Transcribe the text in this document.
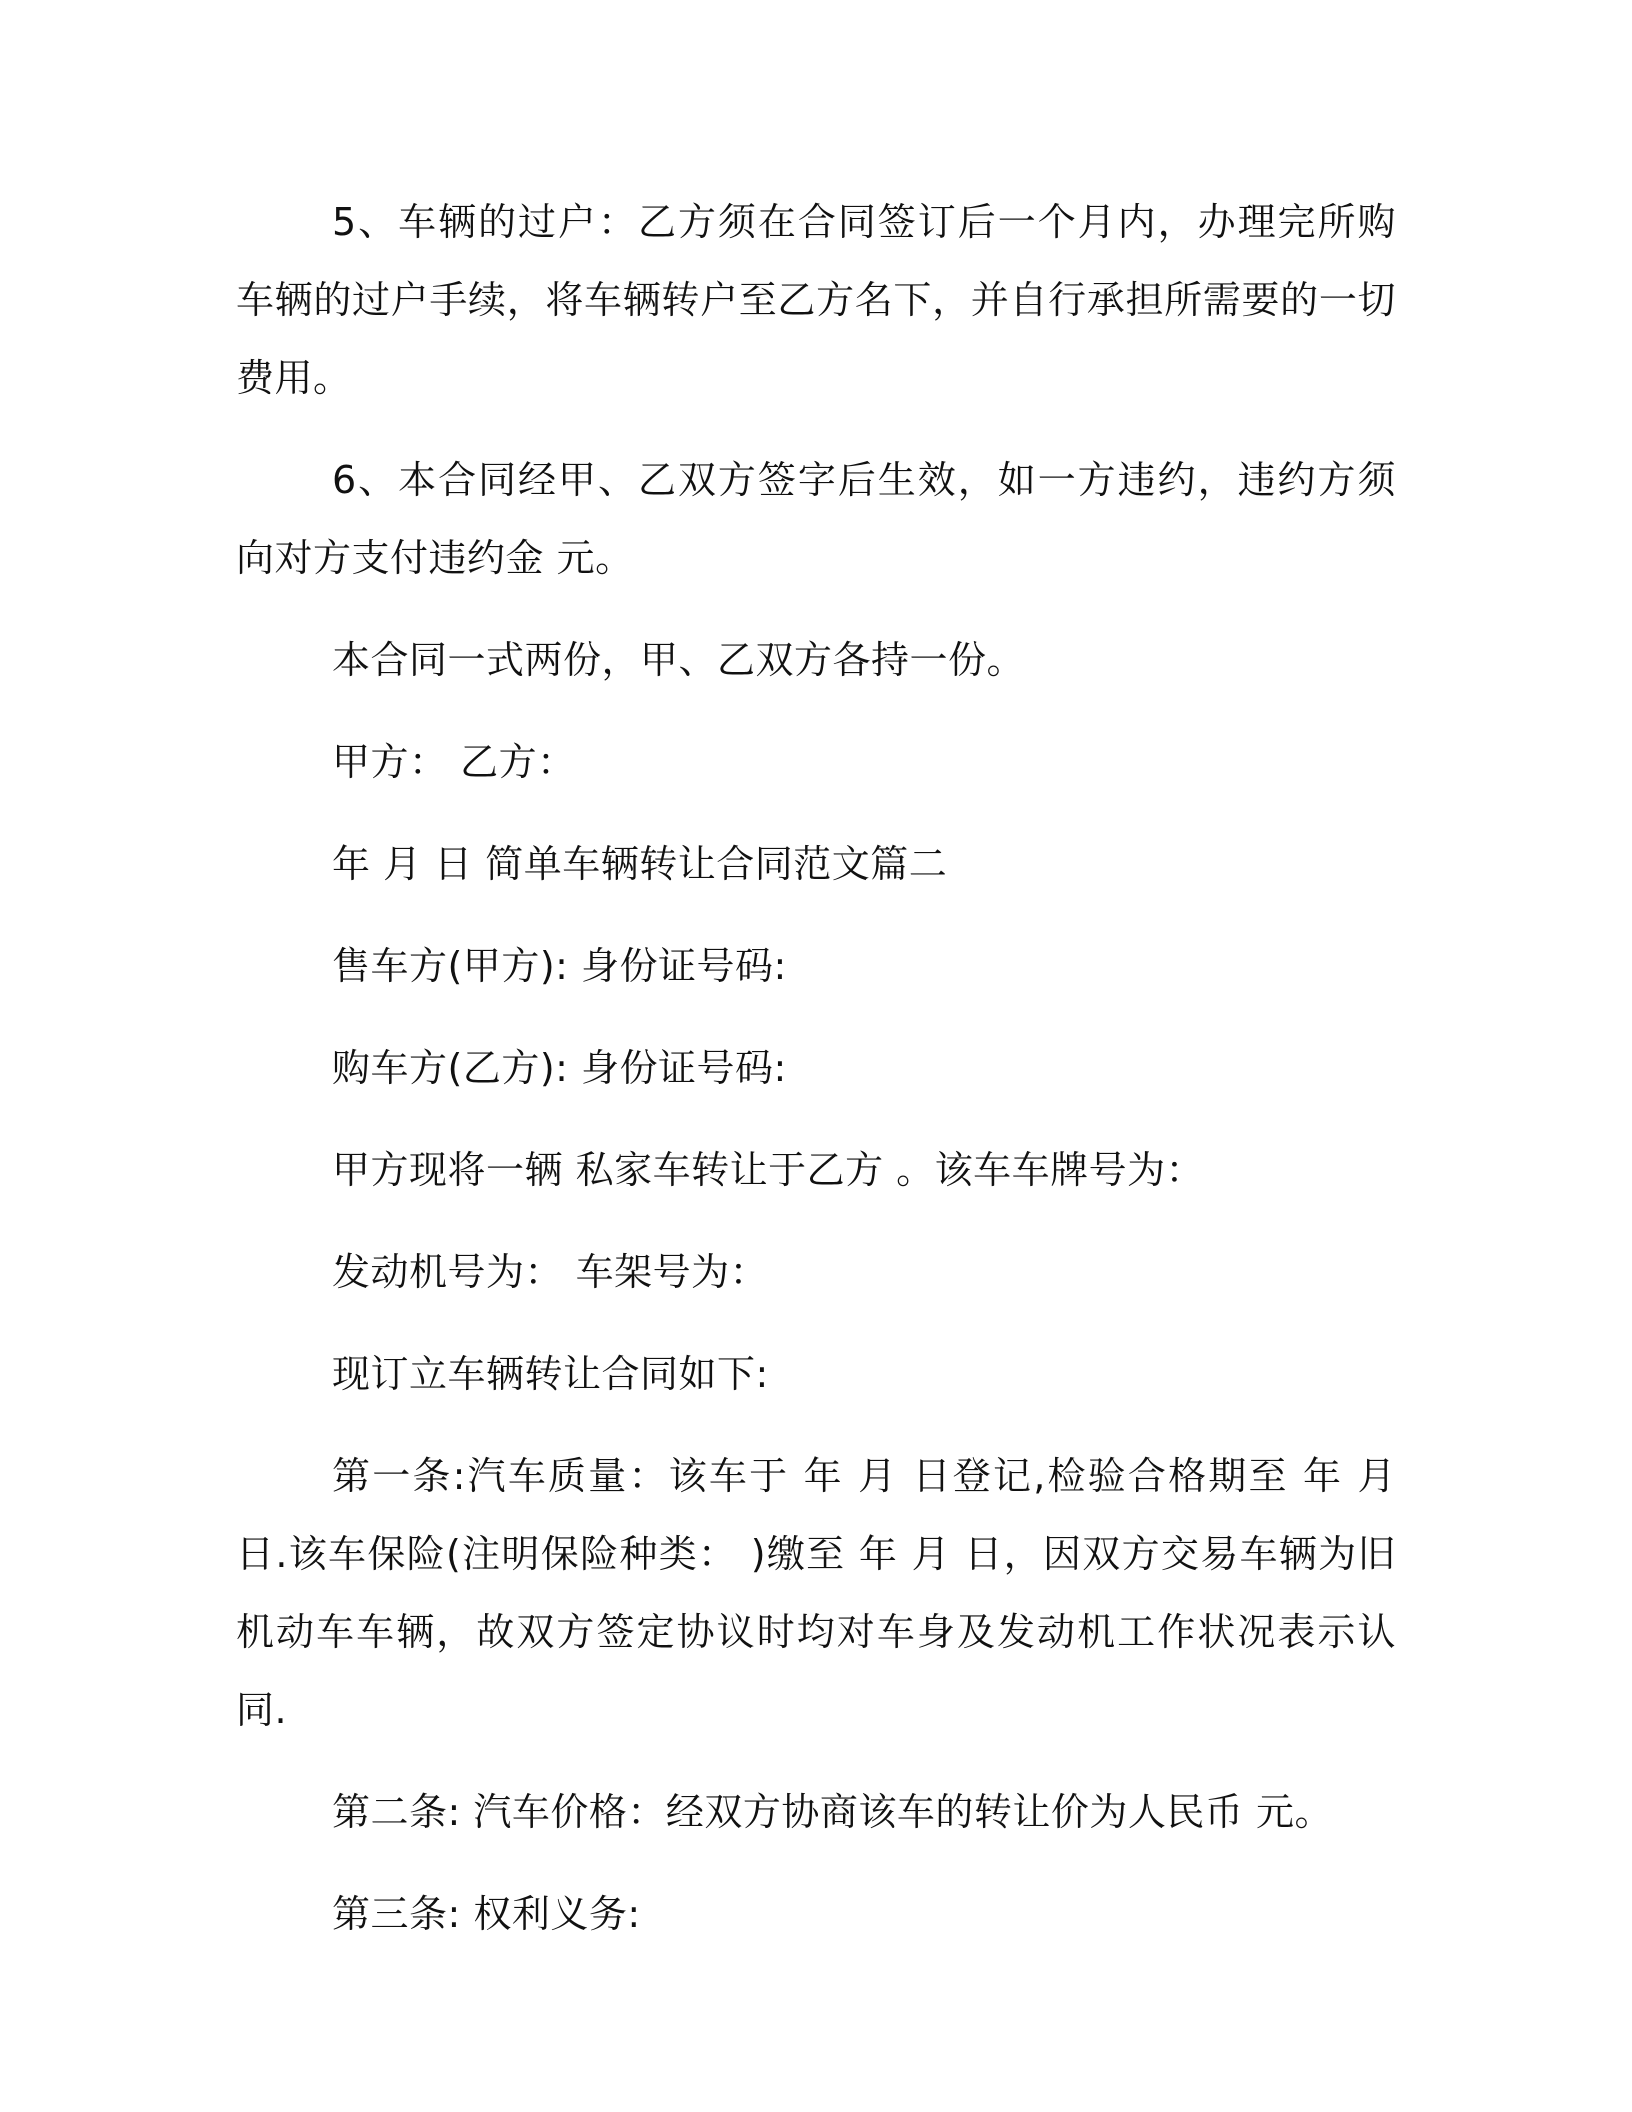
5、车辆的过户：乙方须在合同签订后一个月内，办理完所购车辆的过户手续，将车辆转户至乙方名下，并自行承担所需要的一切费用。

6、本合同经甲、乙双方签字后生效，如一方违约，违约方须向对方支付违约金 元。

本合同一式两份，甲、乙双方各持一份。

甲方： 乙方：

年 月 日 简单车辆转让合同范文篇二

售车方(甲方): 身份证号码:

购车方(乙方): 身份证号码:

甲方现将一辆 私家车转让于乙方 。该车车牌号为：

发动机号为： 车架号为：

现订立车辆转让合同如下:

第一条:汽车质量：该车于 年 月 日登记,检验合格期至 年 月 日.该车保险(注明保险种类： )缴至 年 月 日，因双方交易车辆为旧机动车车辆，故双方签定协议时均对车身及发动机工作状况表示认同.

第二条: 汽车价格：经双方协商该车的转让价为人民币 元。

第三条: 权利义务:
